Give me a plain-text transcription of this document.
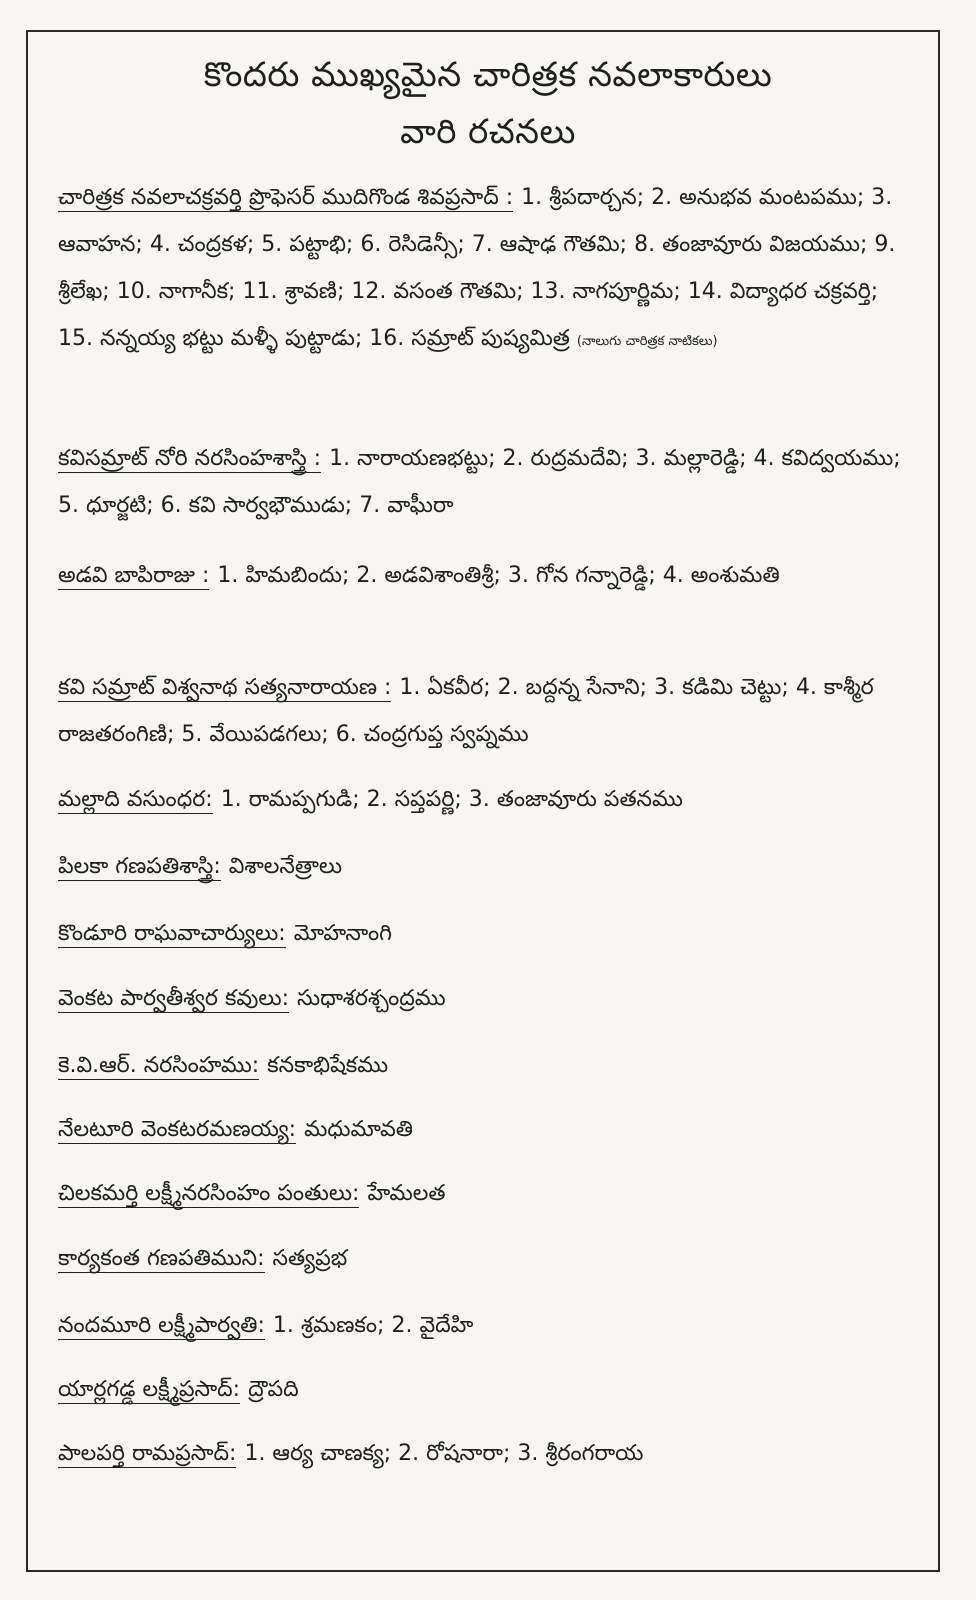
కొందరు ముఖ్యమైన చారిత్రక నవలాకారులు
వారి రచనలు

చారిత్రక నవలాచక్రవర్తి ప్రొఫెసర్ ముదిగొండ శివప్రసాద్ : 1. శ్రీపదార్చన; 2. అనుభవ మంటపము; 3. ఆవాహన; 4. చంద్రకళ; 5. పట్టాభి; 6. రెసిడెన్సీ; 7. ఆషాఢ గౌతమి; 8. తంజావూరు విజయము; 9. శ్రీలేఖ; 10. నాగానీక; 11. శ్రావణి; 12. వసంత గౌతమి; 13. నాగపూర్ణిమ; 14. విద్యాధర చక్రవర్తి; 15. నన్నయ్య భట్టు మళ్ళీ పుట్టాడు; 16. సమ్రాట్ పుష్యమిత్ర (నాలుగు చారిత్రక నాటికలు)

కవిసమ్రాట్ నోరి నరసింహశాస్త్రి : 1. నారాయణభట్టు; 2. రుద్రమదేవి; 3. మల్లారెడ్డి; 4. కవిద్వయము; 5. ధూర్జటి; 6. కవి సార్వభౌముడు; 7. వాఘీరా

అడవి బాపిరాజు : 1. హిమబిందు; 2. అడవిశాంతిశ్రీ; 3. గోన గన్నారెడ్డి; 4. అంశుమతి

కవి సమ్రాట్ విశ్వనాథ సత్యనారాయణ : 1. ఏకవీర; 2. బద్దన్న సేనాని; 3. కడిమి చెట్టు; 4. కాశ్మీర రాజతరంగిణి; 5. వేయిపడగలు; 6. చంద్రగుప్త స్వప్నము

మల్లాది వసుంధర: 1. రామప్పగుడి; 2. సప్తపర్ణి; 3. తంజావూరు పతనము

పిలకా గణపతిశాస్త్రి: విశాలనేత్రాలు

కొండూరి రాఘవాచార్యులు: మోహనాంగి

వెంకట పార్వతీశ్వర కవులు: సుధాశరశ్చంద్రము

కె.వి.ఆర్. నరసింహము: కనకాభిషేకము

నేలటూరి వెంకటరమణయ్య: మధుమావతి

చిలకమర్తి లక్ష్మీనరసింహం పంతులు: హేమలత

కార్యకంత గణపతిముని: సత్యప్రభ

నందమూరి లక్ష్మీపార్వతి: 1. శ్రమణకం; 2. వైదేహి

యార్లగడ్డ లక్ష్మీప్రసాద్: ద్రౌపది

పాలపర్తి రామప్రసాద్: 1. ఆర్య చాణక్య; 2. రోషనారా; 3. శ్రీరంగరాయ
